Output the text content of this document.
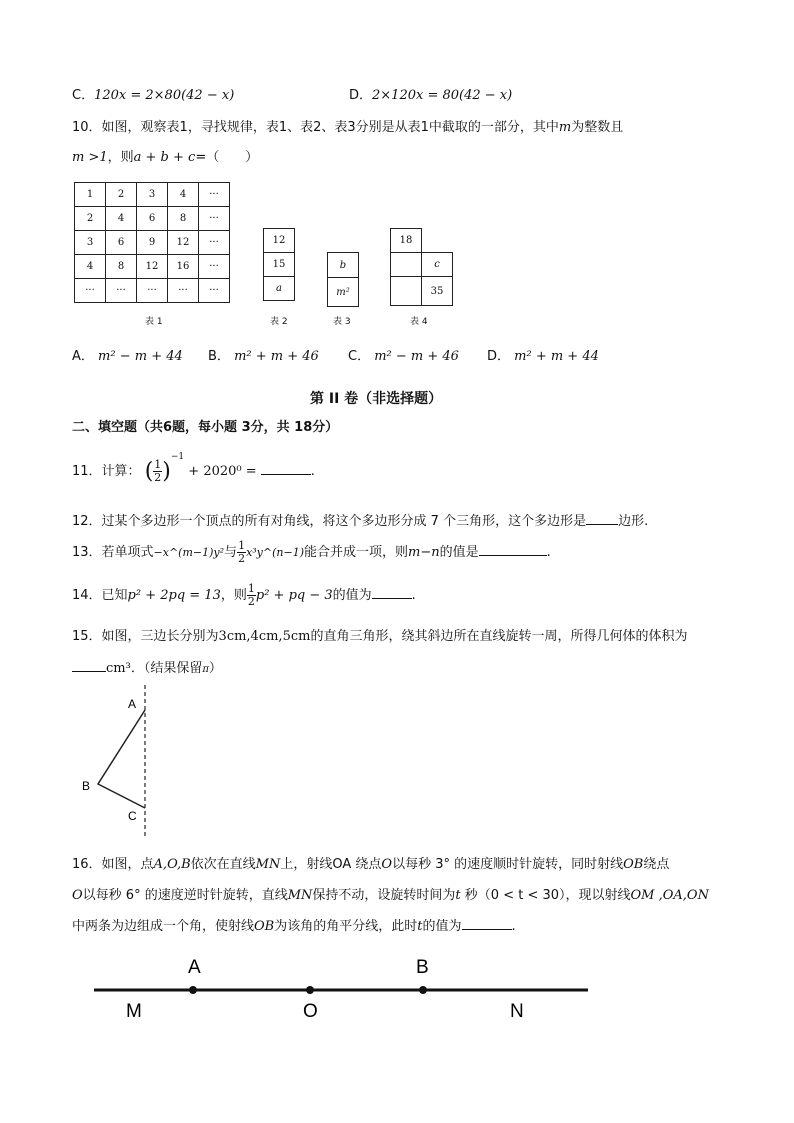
C．120x = 2×80(42 − x)	D．2×120x = 80(42 − x)
10．如图，观察表1，寻找规律，表1、表2、表3分别是从表1中截取的一部分，其中m为整数且
m >1，则a + b + c=（　　）
1	2	3	4	···
2	4	6	8	···
3	6	9	12	···
4	8	12	16	···
···	···	···	···	···
表 1
12
15
a
表 2
b
m²
表 3
18	
	c
	35
表 4
A． m² − m + 44 B． m² + m + 46 C． m² − m + 46 D． m² + m + 44
第 II 卷（非选择题）
二、填空题（共6题，每小题 3分，共 18分）
11．计算： ( $\frac{1}{2} )^{-1} + 2020^0$ =	.
12．过某个多边形一个顶点的所有对角线，将这个多边形分成 7 个三角形，这个多边形是 边形.
13．若单项式−x^(m−1)y²与 $\frac{1}{2}$ x³y^(n−1)能合并成一项，则m−n的值是	.
14．已知p² + 2pq = 13，则 $\frac{1}{2} p^2$ + pq − 3的值为	.
15．如图，三边长分别为3cm,4cm,5cm的直角三角形，绕其斜边所在直线旋转一周，所得几何体的体积为
cm³．（结果保留π）
A
B
C
16．如图，点A,O,B依次在直线MN上，射线OA 绕点O以每秒 3° 的速度顺时针旋转，同时射线OB绕点
O以每秒 6° 的速度逆时针旋转，直线MN保持不动，设旋转时间为t 秒（0 < t < 30），现以射线OM ,OA,ON
中两条为边组成一个角，使射线OB为该角的角平分线，此时t的值为	.
A	B
M	O	N
